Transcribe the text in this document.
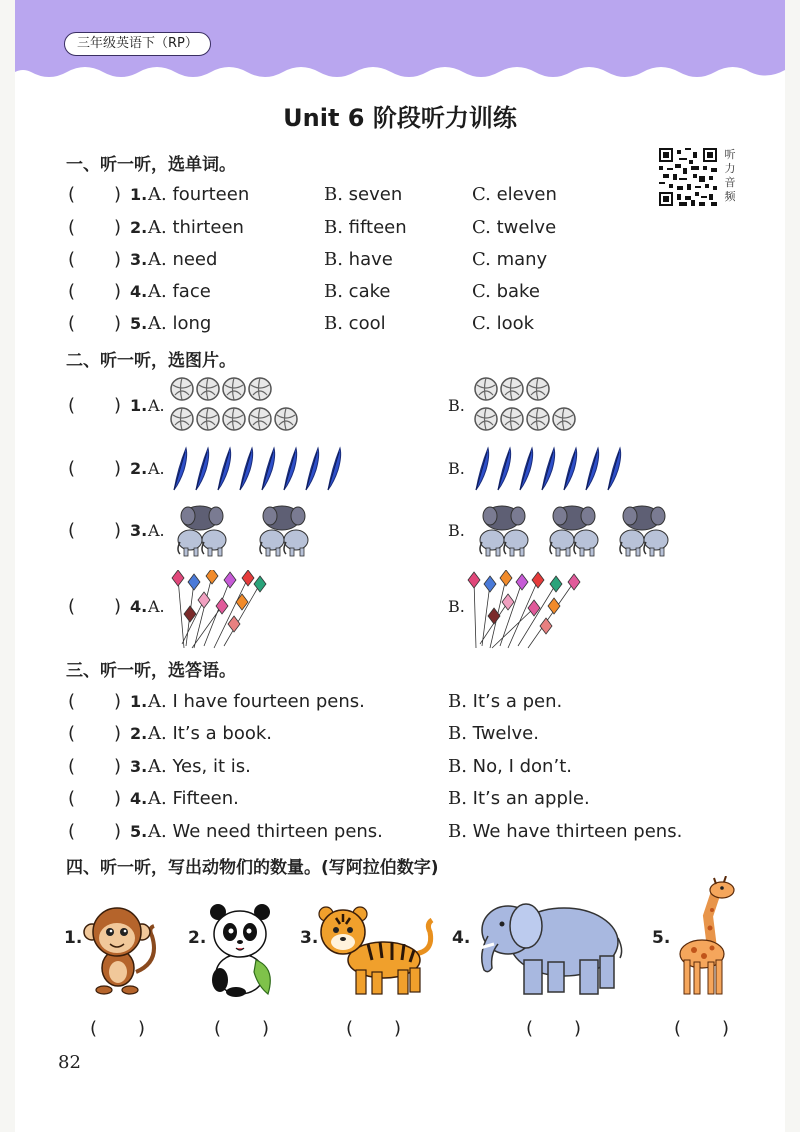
三年级英语下（RP）
Unit 6 阶段听力训练
听力音频
一、听一听，选单词。
( ) 1. A. fourteen	B. seven	C. eleven
( ) 2. A. thirteen	B. fifteen	C. twelve
( ) 3. A. need	B. have	C. many
( ) 4. A. face	B. cake	C. bake
( ) 5. A. long	B. cool	C. look
二、听一听，选图片。
( ) 1. A.	B.
( ) 2. A.	B.
( ) 3. A.	B.
( ) 4. A.	B.
三、听一听，选答语。
( ) 1. A. I have fourteen pens.	B. It’s a pen.
( ) 2. A. It’s a book.	B. Twelve.
( ) 3. A. Yes, it is.	B. No, I don’t.
( ) 4. A. Fifteen.	B. It’s an apple.
( ) 5. A. We need thirteen pens.	B. We have thirteen pens.
四、听一听，写出动物们的数量。(写阿拉伯数字)
1.	2.	3.	4.	5.
( )	( )	( )	( )	( )
82
